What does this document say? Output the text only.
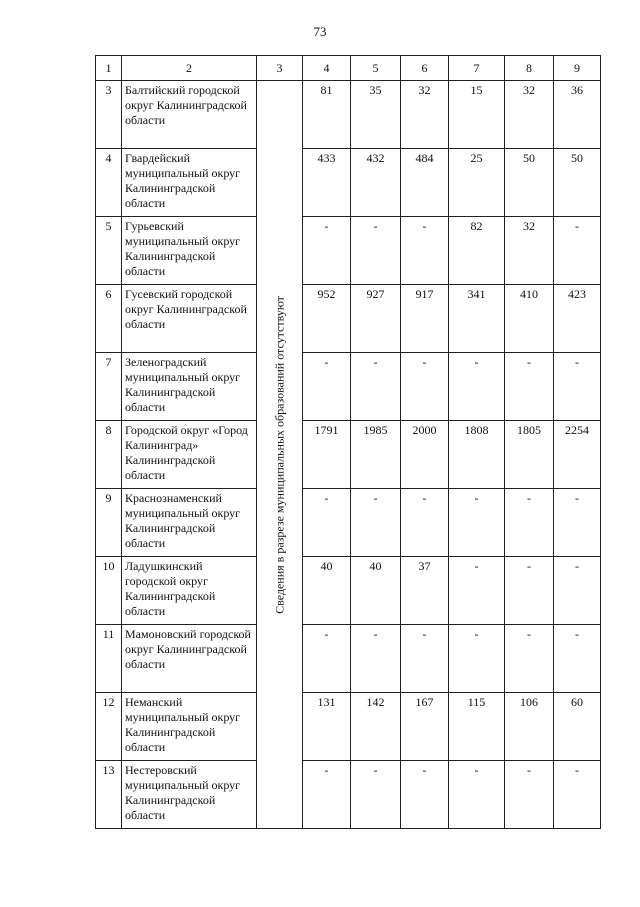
73
1	2	3	4	5	6	7	8	9
3	Балтийский городской округ Калининградской области	Сведения в разрезе муниципальных образований отсутствуют	81	35	32	15	32	36
4	Гвардейский муниципальный округ Калининградской области		433	432	484	25	50	50
5	Гурьевский муниципальный округ Калининградской области		-	-	-	82	32	-
6	Гусевский городской округ Калининградской области		952	927	917	341	410	423
7	Зеленоградский муниципальный округ Калининградской области		-	-	-	-	-	-
8	Городской округ «Город Калининград» Калининградской области		1791	1985	2000	1808	1805	2254
9	Краснознаменский муниципальный округ Калининградской области		-	-	-	-	-	-
10	Ладушкинский городской округ Калининградской области		40	40	37	-	-	-
11	Мамоновский городской округ Калининградской области		-	-	-	-	-	-
12	Неманский муниципальный округ Калининградской области		131	142	167	115	106	60
13	Нестеровский муниципальный округ Калининградской области		-	-	-	-	-	-
